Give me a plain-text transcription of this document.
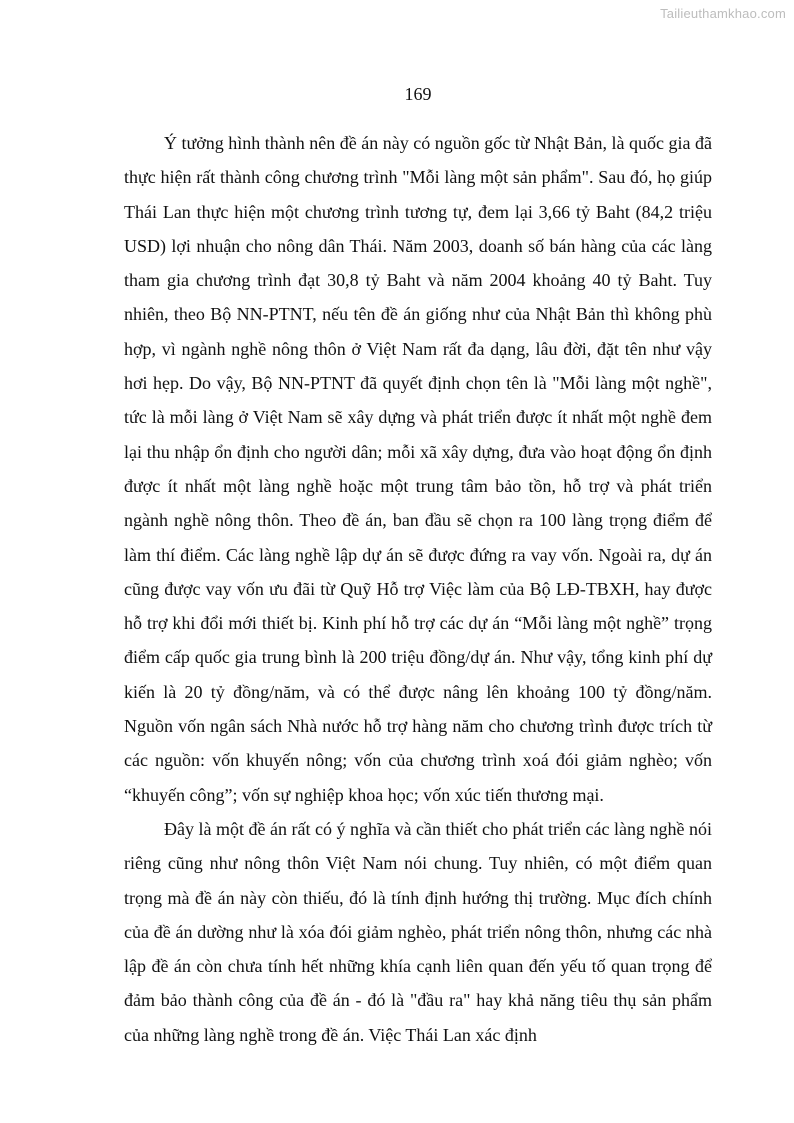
Tailieuthamkhao.com
169

Ý tưởng hình thành nên đề án này có nguồn gốc từ Nhật Bản, là quốc gia đã thực hiện rất thành công chương trình "Mỗi làng một sản phẩm". Sau đó, họ giúp Thái Lan thực hiện một chương trình tương tự, đem lại 3,66 tỷ Baht (84,2 triệu USD) lợi nhuận cho nông dân Thái. Năm 2003, doanh số bán hàng của các làng tham gia chương trình đạt 30,8 tỷ Baht và năm 2004 khoảng 40 tỷ Baht. Tuy nhiên, theo Bộ NN-PTNT, nếu tên đề án giống như của Nhật Bản thì không phù hợp, vì ngành nghề nông thôn ở Việt Nam rất đa dạng, lâu đời, đặt tên như vậy hơi hẹp. Do vậy, Bộ NN-PTNT đã quyết định chọn tên là "Mỗi làng một nghề", tức là mỗi làng ở Việt Nam sẽ xây dựng và phát triển được ít nhất một nghề đem lại thu nhập ổn định cho người dân; mỗi xã xây dựng, đưa vào hoạt động ổn định được ít nhất một làng nghề hoặc một trung tâm bảo tồn, hỗ trợ và phát triển ngành nghề nông thôn. Theo đề án, ban đầu sẽ chọn ra 100 làng trọng điểm để làm thí điểm. Các làng nghề lập dự án sẽ được đứng ra vay vốn. Ngoài ra, dự án cũng được vay vốn ưu đãi từ Quỹ Hỗ trợ Việc làm của Bộ LĐ-TBXH, hay được hỗ trợ khi đổi mới thiết bị. Kinh phí hỗ trợ các dự án “Mỗi làng một nghề” trọng điểm cấp quốc gia trung bình là 200 triệu đồng/dự án. Như vậy, tổng kinh phí dự kiến là 20 tỷ đồng/năm, và có thể được nâng lên khoảng 100 tỷ đồng/năm. Nguồn vốn ngân sách Nhà nước hỗ trợ hàng năm cho chương trình được trích từ các nguồn: vốn khuyến nông; vốn của chương trình xoá đói giảm nghèo; vốn “khuyến công”; vốn sự nghiệp khoa học; vốn xúc tiến thương mại.

Đây là một đề án rất có ý nghĩa và cần thiết cho phát triển các làng nghề nói riêng cũng như nông thôn Việt Nam nói chung. Tuy nhiên, có một điểm quan trọng mà đề án này còn thiếu, đó là tính định hướng thị trường. Mục đích chính của đề án dường như là xóa đói giảm nghèo, phát triển nông thôn, nhưng các nhà lập đề án còn chưa tính hết những khía cạnh liên quan đến yếu tố quan trọng để đảm bảo thành công của đề án - đó là "đầu ra" hay khả năng tiêu thụ sản phẩm của những làng nghề trong đề án. Việc Thái Lan xác định
